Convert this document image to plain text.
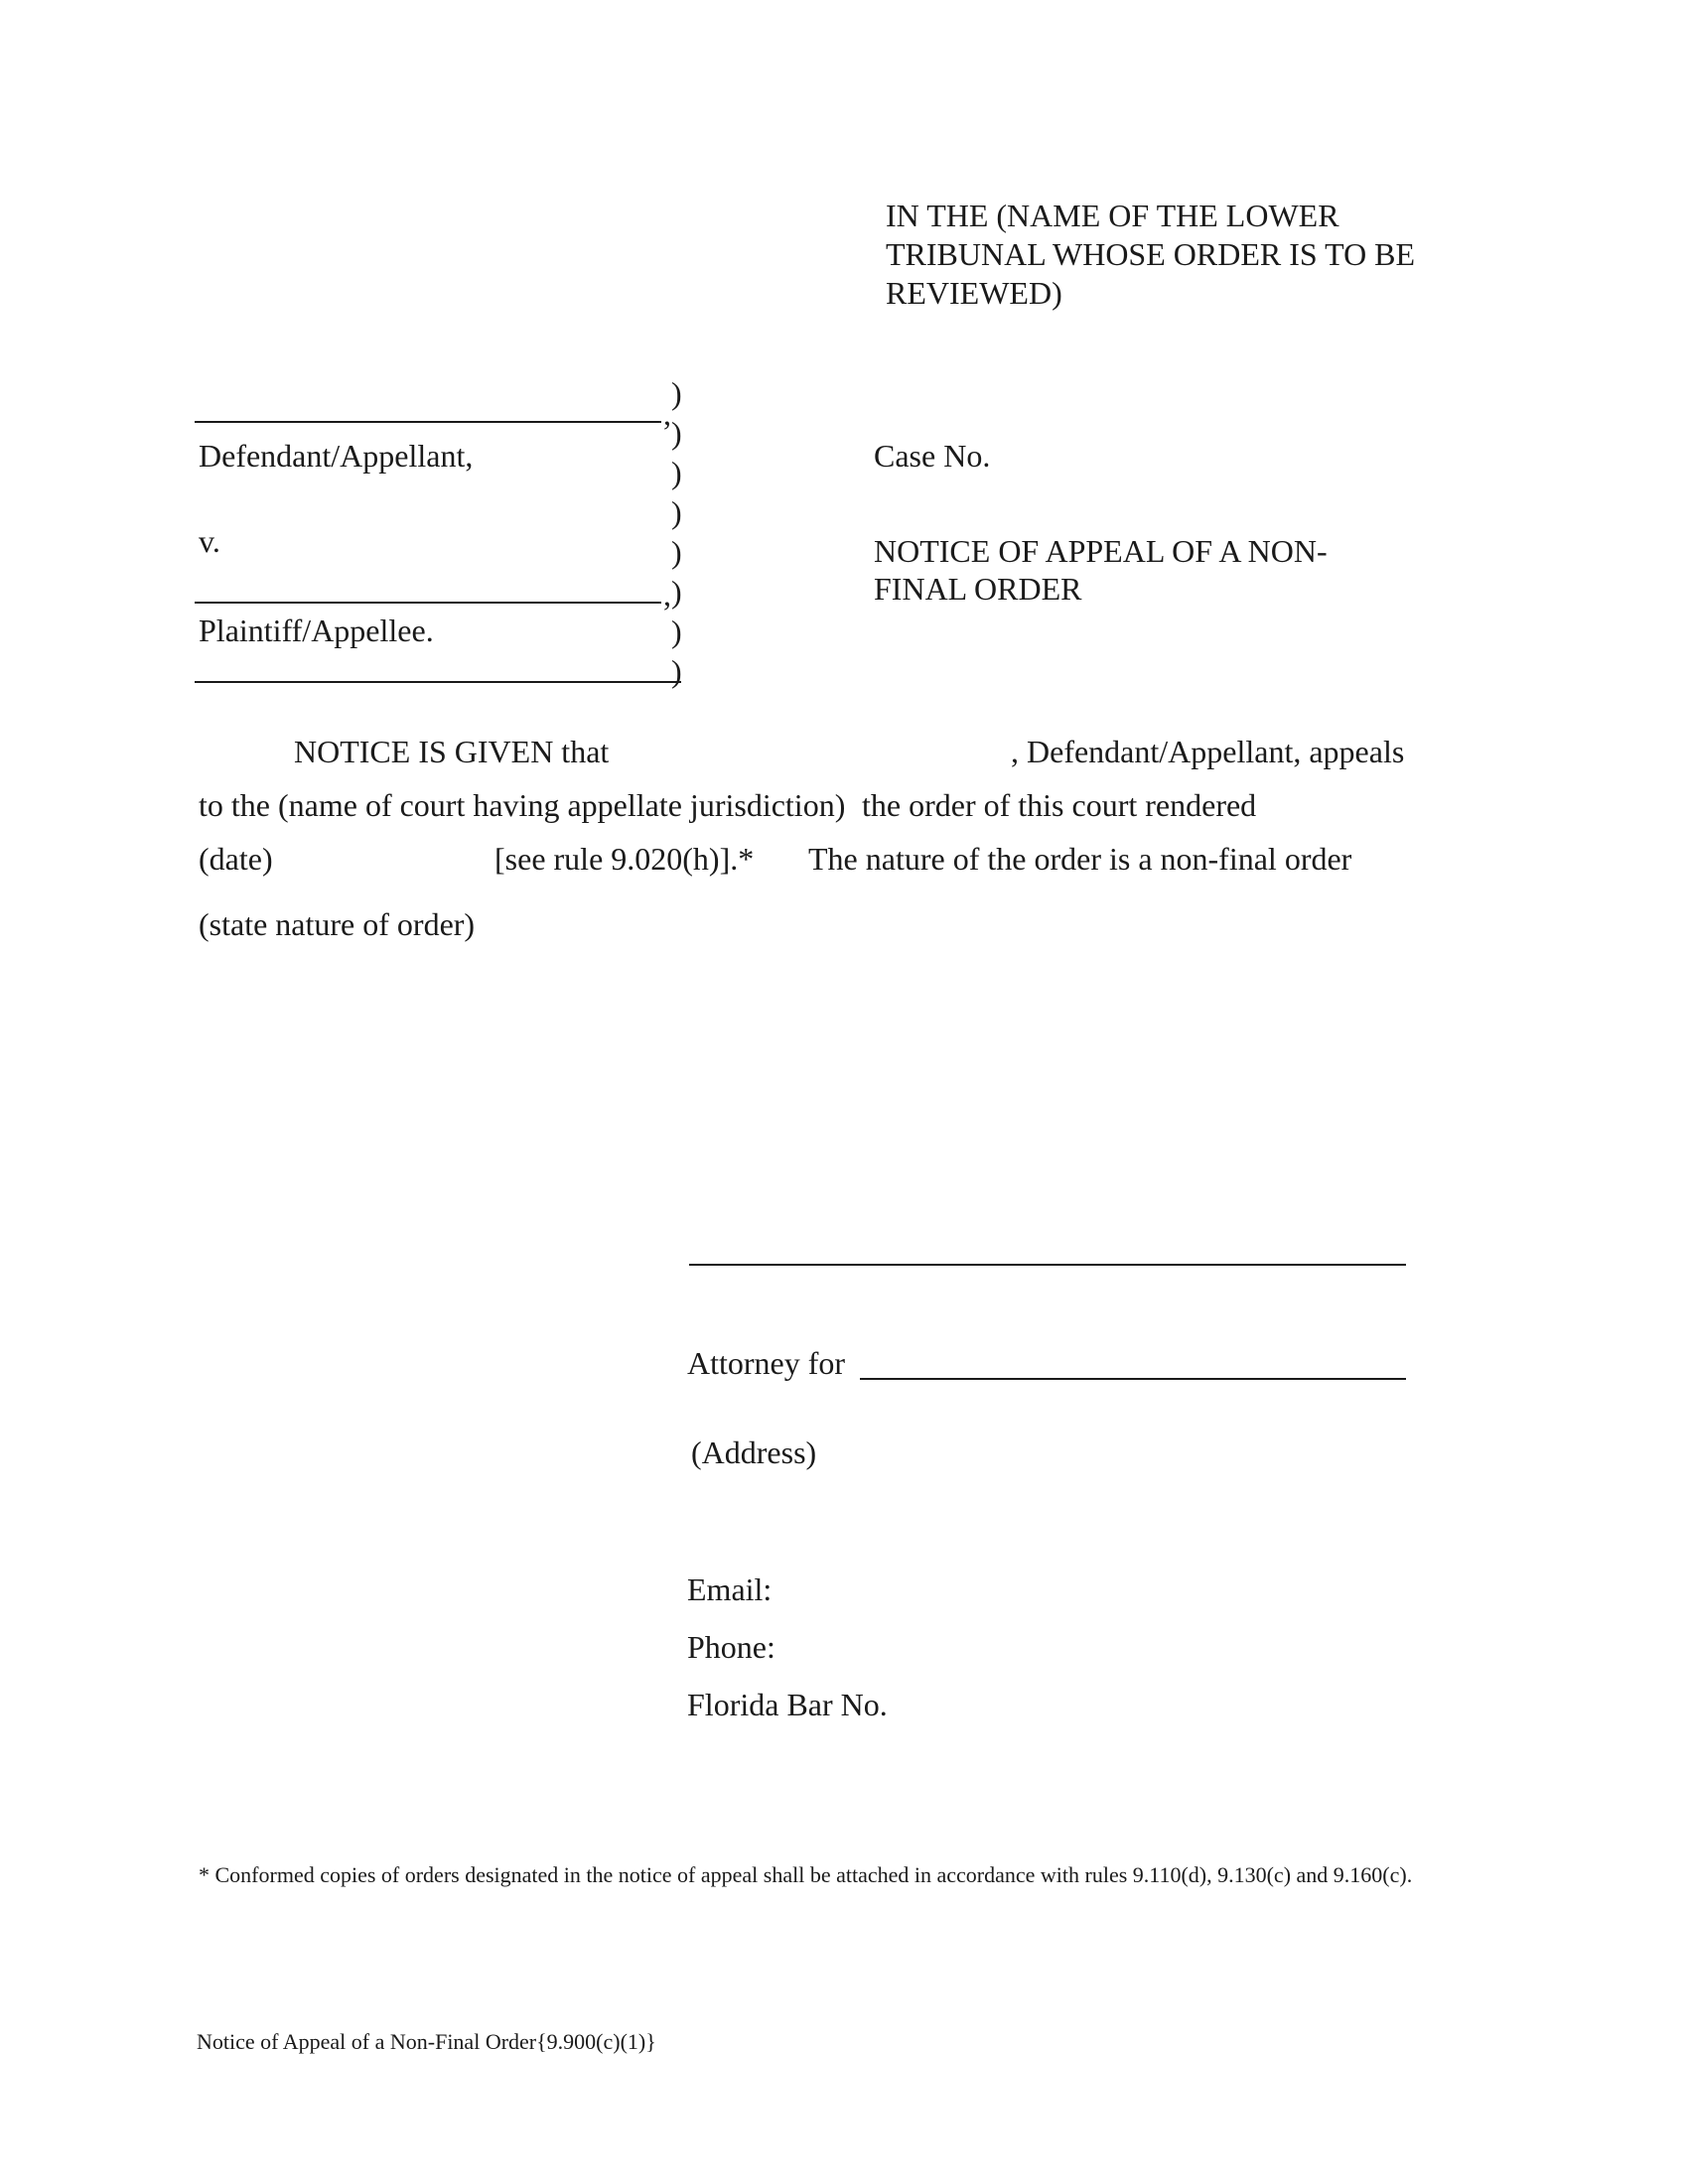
IN THE (NAME OF THE LOWER
TRIBUNAL WHOSE ORDER IS TO BE
REVIEWED)
,
Defendant/Appellant,
v.
,
Plaintiff/Appellee.
)
)
)
)
)
)
)
)
Case No.
NOTICE OF APPEAL OF A NON-
FINAL ORDER
NOTICE IS GIVEN that	, Defendant/Appellant, appeals
to the (name of court having appellate jurisdiction) the order of this court rendered
(date)	[see rule 9.020(h)].* The nature of the order is a non-final order
(state nature of order)
Attorney for
(Address)
Email:
Phone:
Florida Bar No.
* Conformed copies of orders designated in the notice of appeal shall be attached in accordance with rules 9.110(d), 9.130(c) and 9.160(c).
Notice of Appeal of a Non-Final Order{9.900(c)(1)}
